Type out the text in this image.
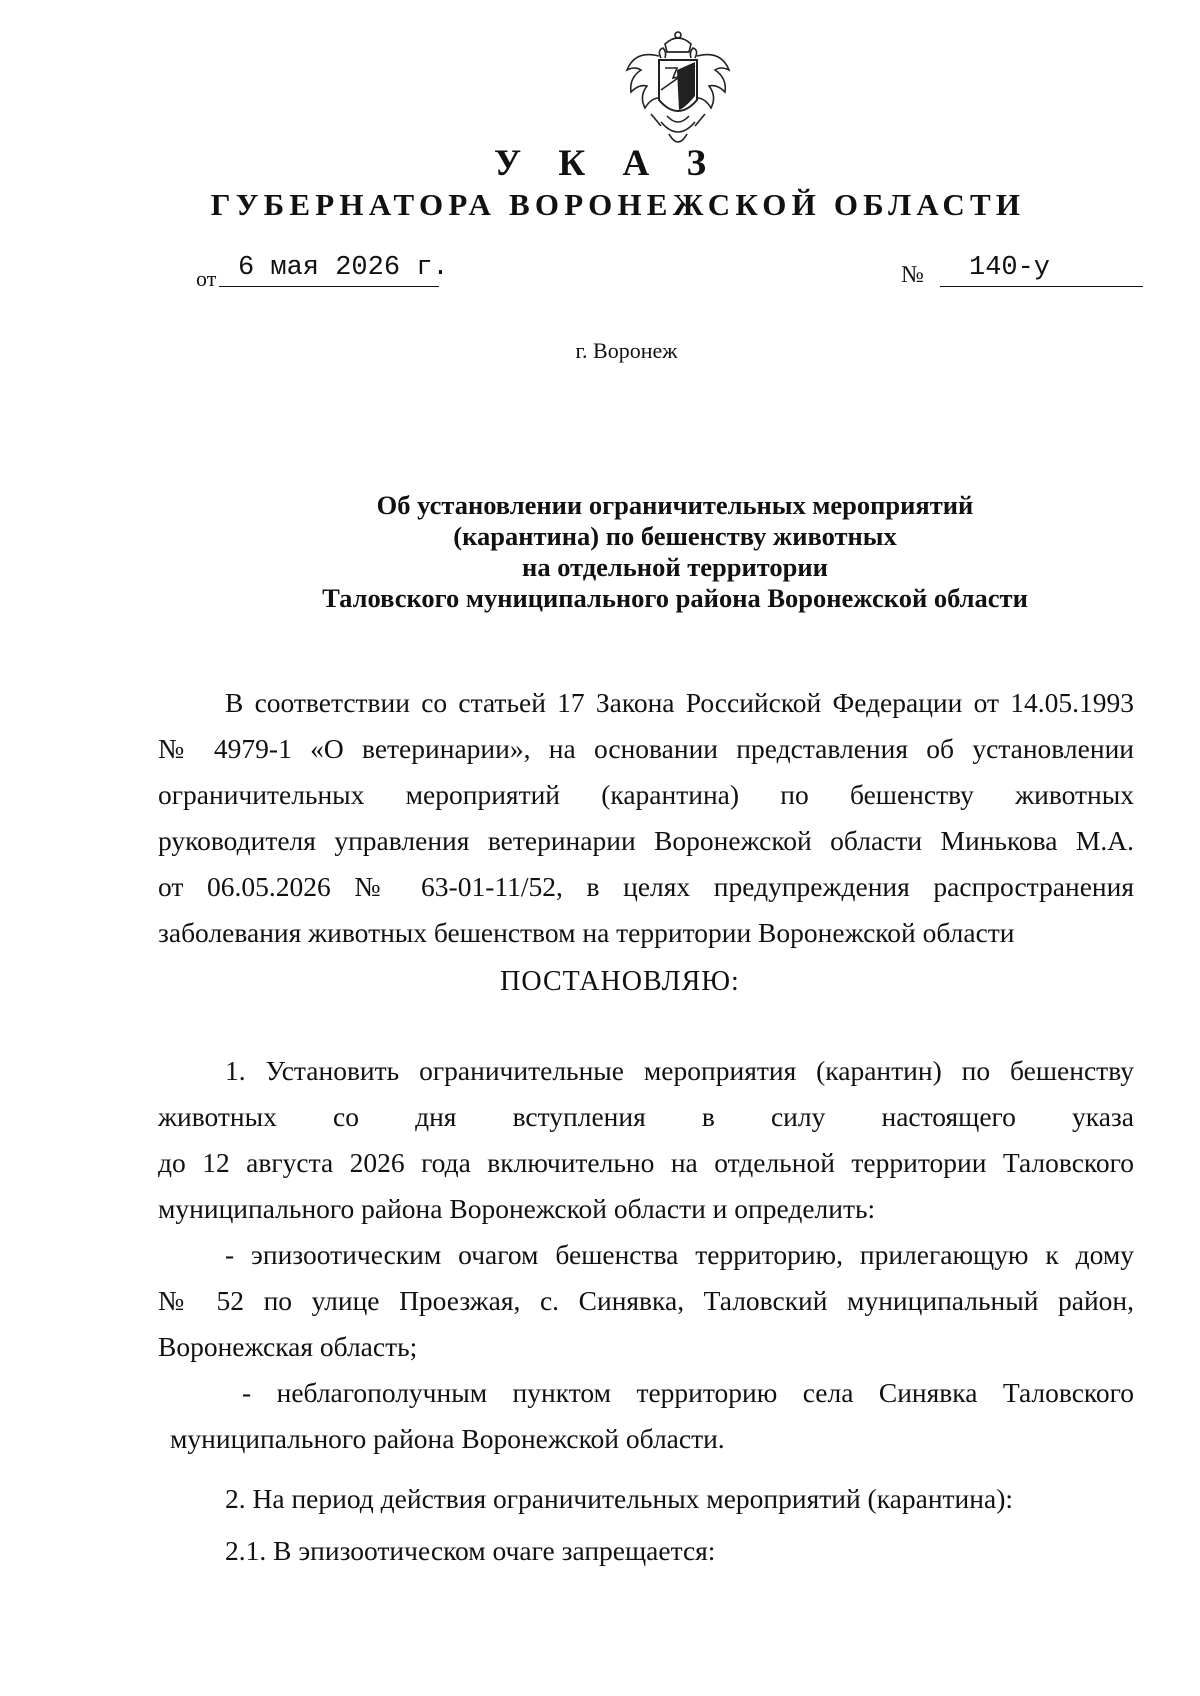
У К А З
ГУБЕРНАТОРА ВОРОНЕЖСКОЙ ОБЛАСТИ
от 6 мая 2026 г.	№ 140-у
г. Воронеж
Об установлении ограничительных мероприятий
(карантина) по бешенству животных
на отдельной территории
Таловского муниципального района Воронежской области
В соответствии со статьей 17 Закона Российской Федерации от 14.05.1993
№ 4979-1 «О ветеринарии», на основании представления об установлении
ограничительных мероприятий (карантина) по бешенству животных
руководителя управления ветеринарии Воронежской области Минькова М.А.
от 06.05.2026 № 63-01-11/52, в целях предупреждения распространения
заболевания животных бешенством на территории Воронежской области
ПОСТАНОВЛЯЮ:
1. Установить ограничительные мероприятия (карантин) по бешенству
животных со дня вступления в силу настоящего указа
до 12 августа 2026 года включительно на отдельной территории Таловского
муниципального района Воронежской области и определить:
- эпизоотическим очагом бешенства территорию, прилегающую к дому
№ 52 по улице Проезжая, с. Синявка, Таловский муниципальный район,
Воронежская область;
- неблагополучным пунктом территорию села Синявка Таловского
муниципального района Воронежской области.
2. На период действия ограничительных мероприятий (карантина):
2.1. В эпизоотическом очаге запрещается:
